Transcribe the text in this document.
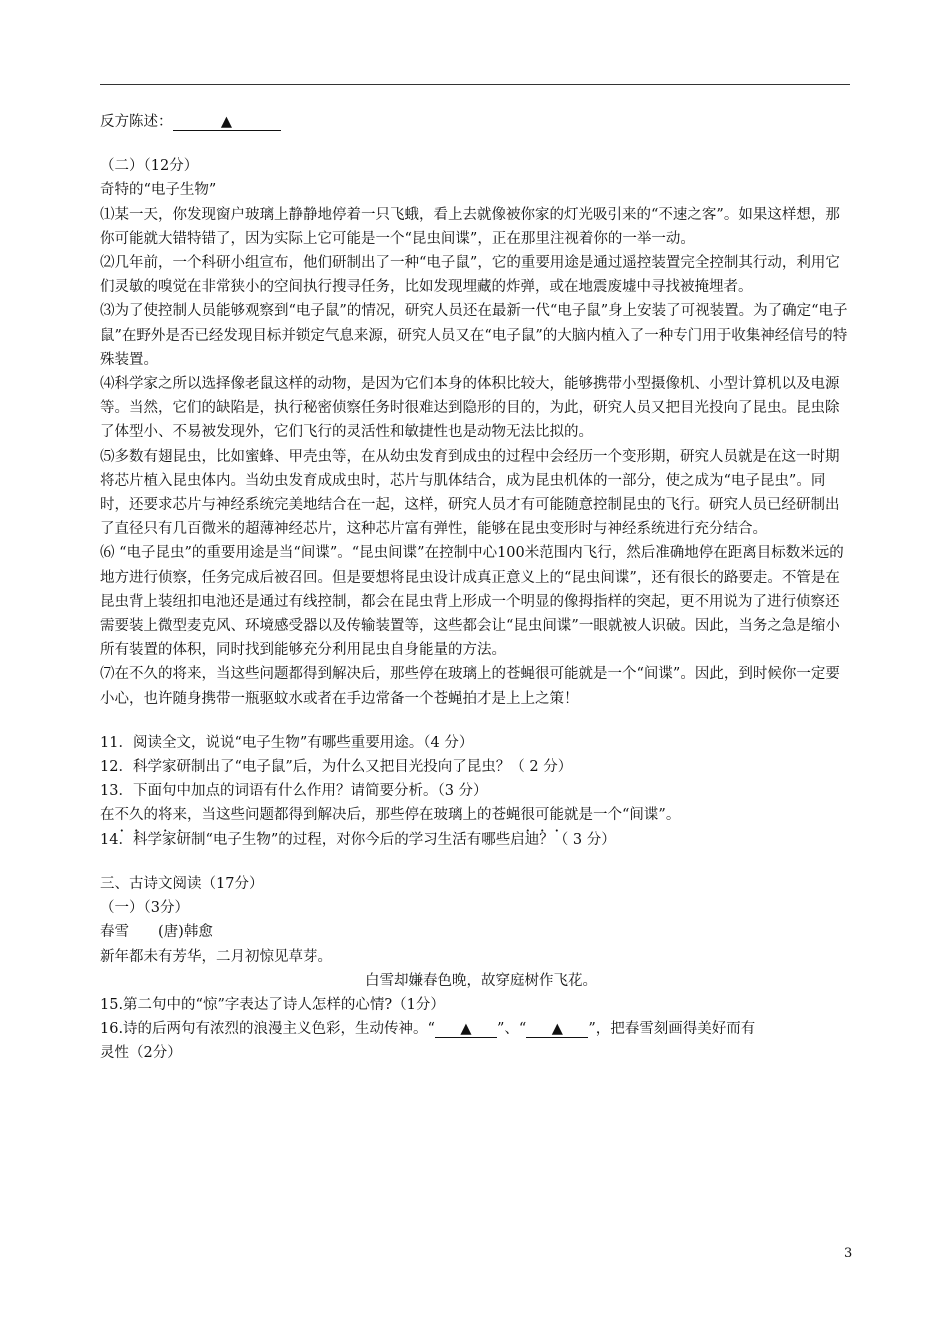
反方陈述：	▲

（二）（12分）

奇特的“电子生物”

⑴某一天，你发现窗户玻璃上静静地停着一只飞蛾，看上去就像被你家的灯光吸引来的“不速之客”。如果这样想，那你可能就大错特错了，因为实际上它可能是一个“昆虫间谍”，正在那里注视着你的一举一动。

⑵几年前，一个科研小组宣布，他们研制出了一种“电子鼠”，它的重要用途是通过遥控装置完全控制其行动，利用它们灵敏的嗅觉在非常狭小的空间执行搜寻任务，比如发现埋藏的炸弹，或在地震废墟中寻找被掩埋者。

⑶为了使控制人员能够观察到“电子鼠”的情况，研究人员还在最新一代“电子鼠”身上安装了可视装置。为了确定“电子鼠”在野外是否已经发现目标并锁定气息来源，研究人员又在“电子鼠”的大脑内植入了一种专门用于收集神经信号的特殊装置。

⑷科学家之所以选择像老鼠这样的动物，是因为它们本身的体积比较大，能够携带小型摄像机、小型计算机以及电源等。当然，它们的缺陷是，执行秘密侦察任务时很难达到隐形的目的，为此，研究人员又把目光投向了昆虫。昆虫除了体型小、不易被发现外，它们飞行的灵活性和敏捷性也是动物无法比拟的。

⑸多数有翅昆虫，比如蜜蜂、甲壳虫等，在从幼虫发育到成虫的过程中会经历一个变形期，研究人员就是在这一时期将芯片植入昆虫体内。当幼虫发育成成虫时，芯片与肌体结合，成为昆虫机体的一部分，使之成为“电子昆虫”。同时，还要求芯片与神经系统完美地结合在一起，这样，研究人员才有可能随意控制昆虫的飞行。研究人员已经研制出了直径只有几百微米的超薄神经芯片，这种芯片富有弹性，能够在昆虫变形时与神经系统进行充分结合。

⑹ “电子昆虫”的重要用途是当“间谍”。“昆虫间谍”在控制中心100米范围内飞行，然后准确地停在距离目标数米远的地方进行侦察，任务完成后被召回。但是要想将昆虫设计成真正意义上的“昆虫间谍”，还有很长的路要走。不管是在昆虫背上装纽扣电池还是通过有线控制，都会在昆虫背上形成一个明显的像拇指样的突起，更不用说为了进行侦察还需要装上微型麦克风、环境感受器以及传输装置等，这些都会让“昆虫间谍”一眼就被人识破。因此，当务之急是缩小所有装置的体积，同时找到能够充分利用昆虫自身能量的方法。

⑺在不久的将来，当这些问题都得到解决后，那些停在玻璃上的苍蝇很可能就是一个“间谍”。因此，到时候你一定要小心，也许随身携带一瓶驱蚊水或者在手边常备一个苍蝇拍才是上上之策！

11．阅读全文，说说“电子生物”有哪些重要用途。（4 分）

12．科学家研制出了“电子鼠”后，为什么又把目光投向了昆虫？（ 2 分）

13．下面句中加点的词语有什么作用？请简要分析。（3 分）

在不久的将来，当这些问题都得到解决后，那些停在玻璃上的苍蝇很可能就是一个“间谍”。

14．科学家研制“电子生物”的过程，对你今后的学习生活有哪些启迪？（ 3 分）

三、古诗文阅读（17分）

（一）（3分）

春雪　　(唐)韩愈

新年都未有芳华，二月初惊见草芽。

白雪却嫌春色晚，故穿庭树作飞花。

15.第二句中的“惊”字表达了诗人怎样的心情?（1分）

16.诗的后两句有浓烈的浪漫主义色彩，生动传神。“ ▲ ”、“ ▲ ”，把春雪刻画得美好而有

灵性（2分）

3
